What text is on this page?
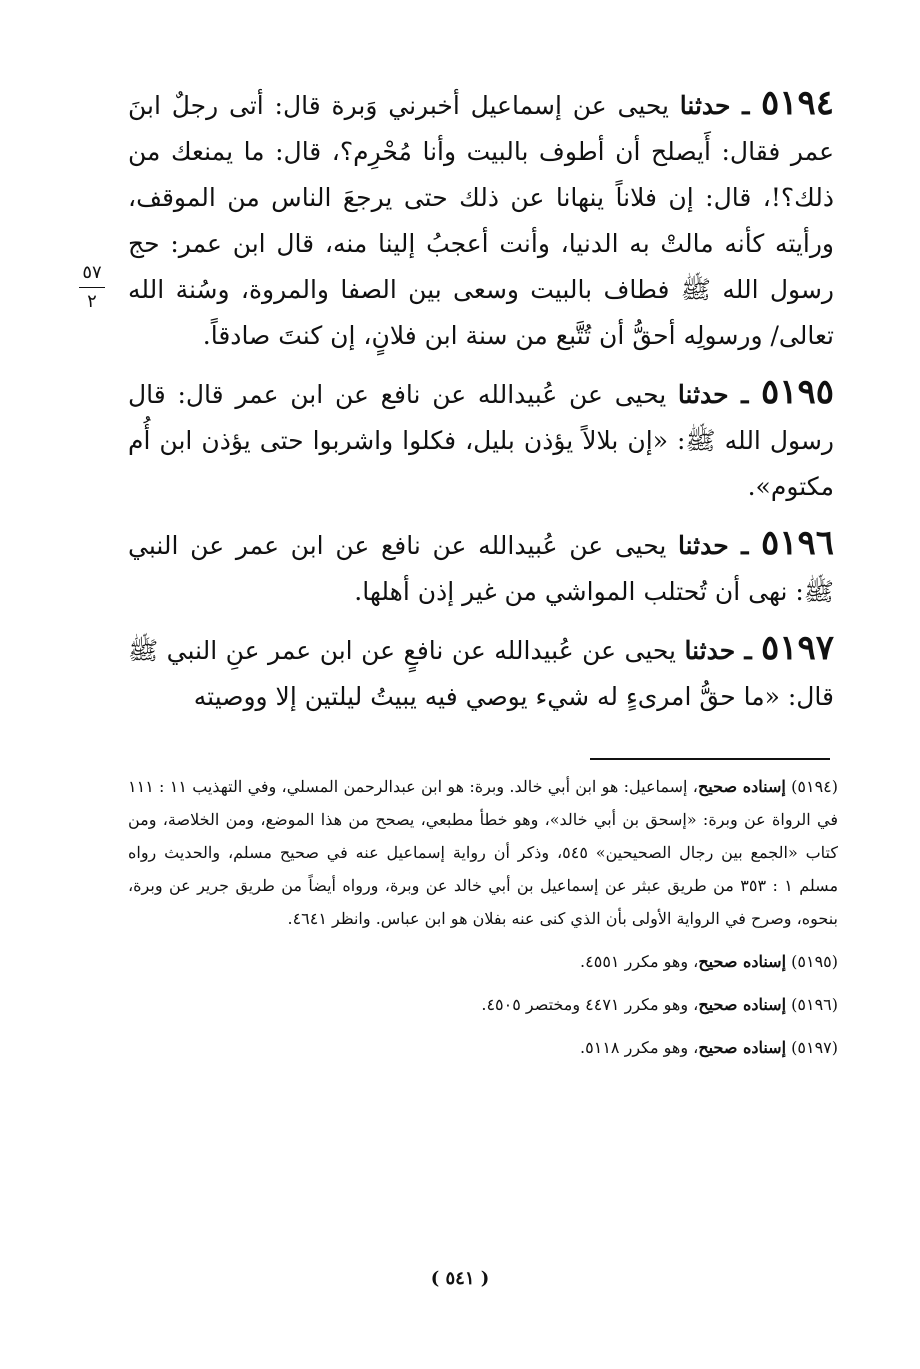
٥٧
٢

٥١٩٤ ـ حدثنا يحيى عن إسماعيل أخبرني وَبرة قال: أتى رجلٌ ابنَ عمر فقال: أَيصلح أن أطوف بالبيت وأنا مُحْرِم؟، قال: ما يمنعك من ذلك؟!، قال: إن فلاناً ينهانا عن ذلك حتى يرجعَ الناس من الموقف، ورأيته كأنه مالتْ به الدنيا، وأنت أعجبُ إلينا منه، قال ابن عمر: حج رسول الله ﷺ فطاف بالبيت وسعى بين الصفا والمروة، وسُنة الله تعالى/ ورسولِه أحقُّ أن تُتَّبع من سنة ابن فلانٍ، إن كنتَ صادقاً.

٥١٩٥ ـ حدثنا يحيى عن عُبيدالله عن نافع عن ابن عمر قال: قال رسول الله ﷺ: «إن بلالاً يؤذن بليل، فكلوا واشربوا حتى يؤذن ابن أُم مكتوم».

٥١٩٦ ـ حدثنا يحيى عن عُبيدالله عن نافع عن ابن عمر عن النبي ﷺ: نهى أن تُحتلب المواشي من غير إذن أهلها.

٥١٩٧ ـ حدثنا يحيى عن عُبيدالله عن نافعٍ عن ابن عمر عنِ النبي ﷺ قال: «ما حقُّ امرىءٍ له شيء يوصي فيه يبيتُ ليلتين إلا ووصيته

(٥١٩٤) إسناده صحيح، إسماعيل: هو ابن أبي خالد. وبرة: هو ابن عبدالرحمن المسلي، وفي التهذيب ١١ : ١١١ في الرواة عن وبرة: «إسحق بن أبي خالد»، وهو خطأ مطبعي، يصحح من هذا الموضع، ومن الخلاصة، ومن كتاب «الجمع بين رجال الصحيحين» ٥٤٥، وذكر أن رواية إسماعيل عنه في صحيح مسلم، والحديث رواه مسلم ١ : ٣٥٣ من طريق عبثر عن إسماعيل بن أبي خالد عن وبرة، ورواه أيضاً من طريق جرير عن وبرة، بنحوه، وصرح في الرواية الأولى بأن الذي كنى عنه بفلان هو ابن عباس. وانظر ٤٦٤١.

(٥١٩٥) إسناده صحيح، وهو مكرر ٤٥٥١.

(٥١٩٦) إسناده صحيح، وهو مكرر ٤٤٧١ ومختصر ٤٥٠٥.

(٥١٩٧) إسناده صحيح، وهو مكرر ٥١١٨.

( ٥٤١ )
